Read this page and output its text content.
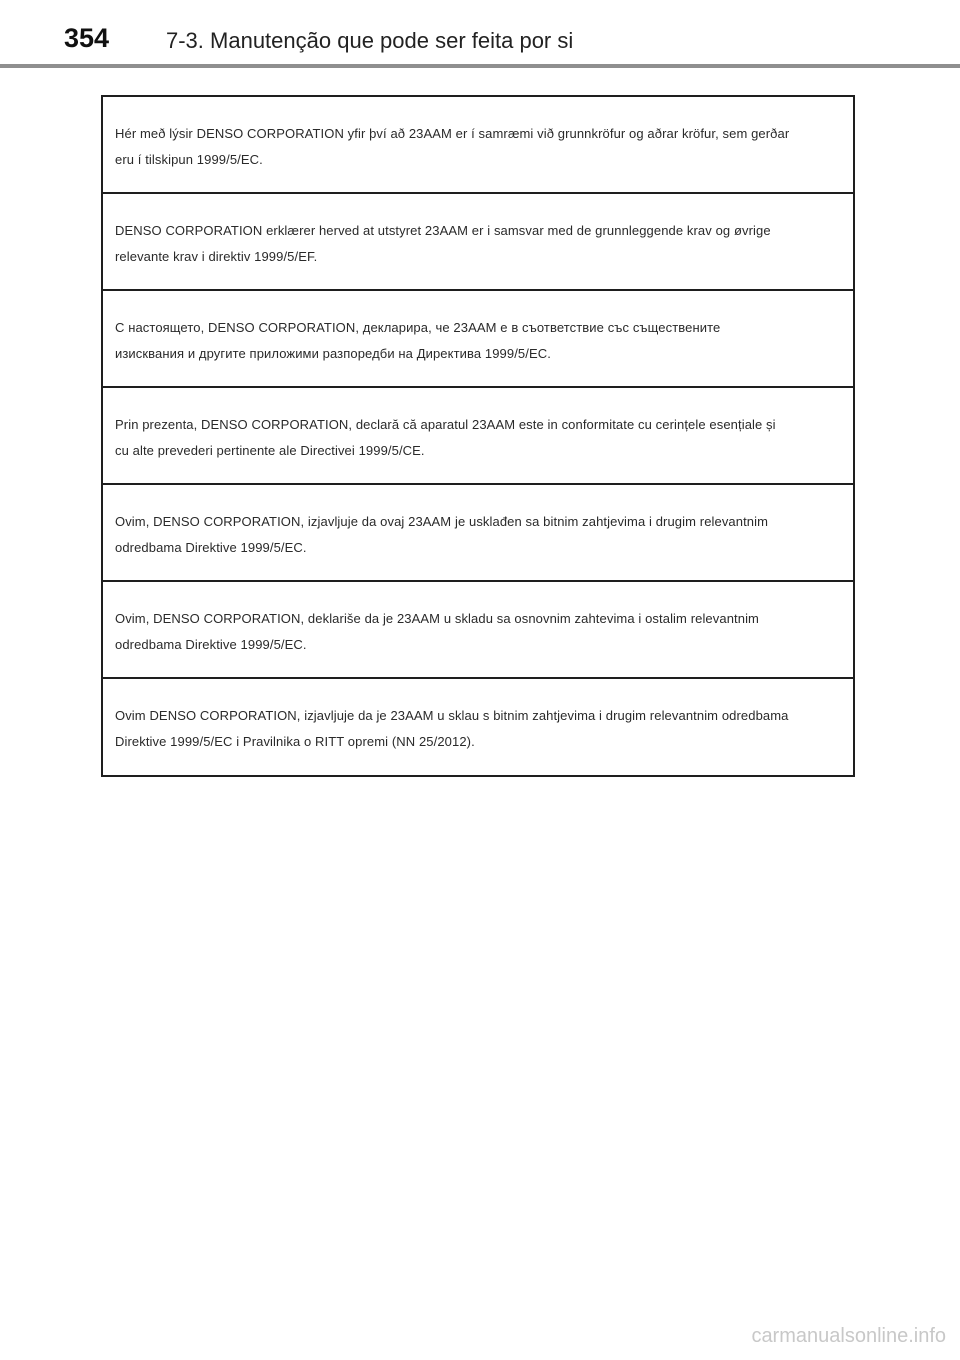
354	7-3. Manutenção que pode ser feita por si

Hér með lýsir DENSO CORPORATION yfir því að 23AAM er í samræmi við grunnkröfur og aðrar kröfur, sem gerðar eru í tilskipun 1999/5/EC.

DENSO CORPORATION erklærer herved at utstyret 23AAM er i samsvar med de grunnleggende krav og øvrige relevante krav i direktiv 1999/5/EF.

С настоящето, DENSO CORPORATION, декларира, че 23AAM е в съответствие със съществените изисквания и другите приложими разпоредби на Директива 1999/5/EC.

Prin prezenta, DENSO CORPORATION, declară că aparatul 23AAM este in conformitate cu cerințele esențiale și cu alte prevederi pertinente ale Directivei 1999/5/CE.

Ovim, DENSO CORPORATION, izjavljuje da ovaj 23AAM je usklađen sa bitnim zahtjevima i drugim relevantnim odredbama Direktive 1999/5/EC.

Ovim, DENSO CORPORATION, deklariše da je 23AAM u skladu sa osnovnim zahtevima i ostalim relevantnim odredbama Direktive 1999/5/EC.

Ovim DENSO CORPORATION, izjavljuje da je 23AAM u sklau s bitnim zahtjevima i drugim relevantnim odredbama Direktive 1999/5/EC i Pravilnika o RITT opremi (NN 25/2012).

carmanualsonline.info
